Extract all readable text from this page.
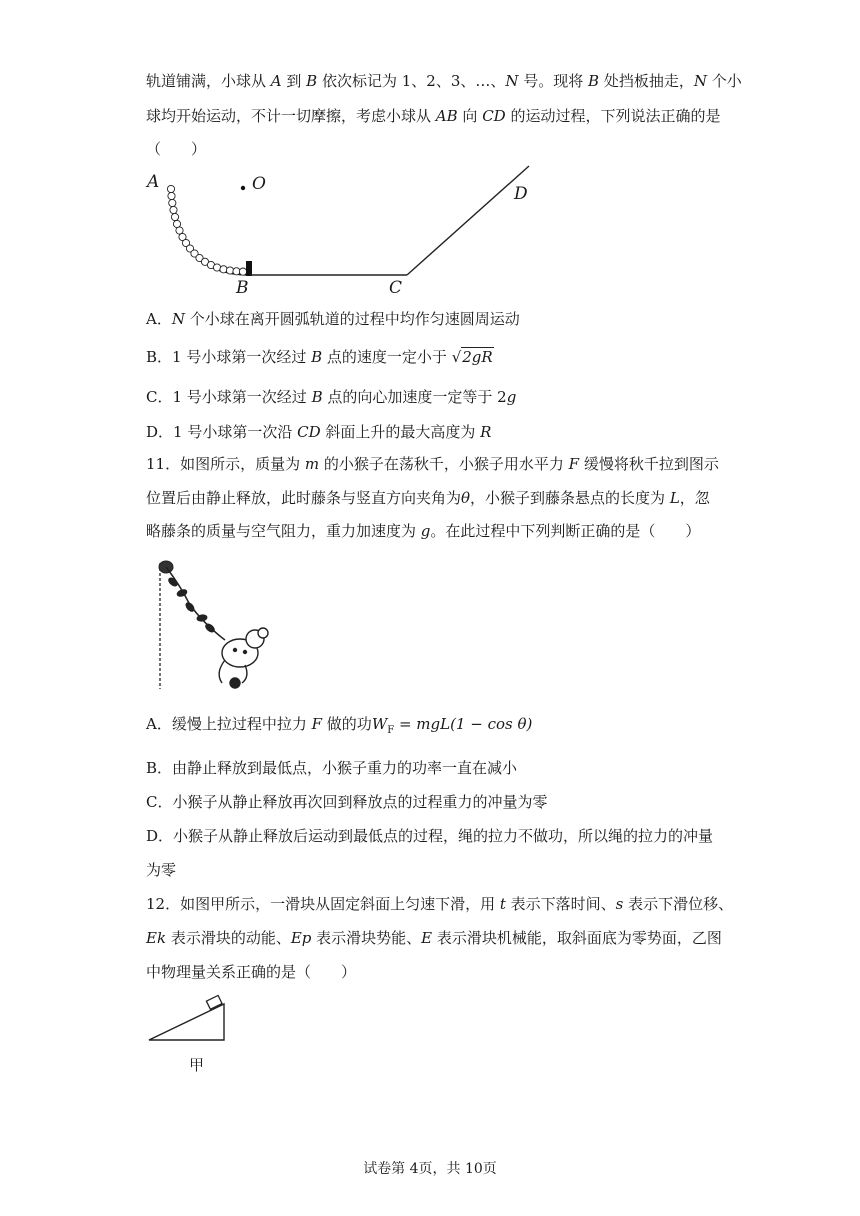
轨道铺满，小球从 A 到 B 依次标记为 1、2、3、…、N 号。现将 B 处挡板抽走，N 个小
球均开始运动，不计一切摩擦，考虑小球从 AB 向 CD 的运动过程，下列说法正确的是
（　　）
A	O	D
B	C
A．N 个小球在离开圆弧轨道的过程中均作匀速圆周运动
B．1 号小球第一次经过 B 点的速度一定小于 √2gR
C．1 号小球第一次经过 B 点的向心加速度一定等于 2g
D．1 号小球第一次沿 CD 斜面上升的最大高度为 R
11．如图所示，质量为 m 的小猴子在荡秋千，小猴子用水平力 F 缓慢将秋千拉到图示
位置后由静止释放，此时藤条与竖直方向夹角为θ，小猴子到藤条悬点的长度为 L，忽
略藤条的质量与空气阻力，重力加速度为 g。在此过程中下列判断正确的是（　　）
A．缓慢上拉过程中拉力 F 做的功$W_F = mgL(1 - \cos \theta)$
B．由静止释放到最低点，小猴子重力的功率一直在减小
C．小猴子从静止释放再次回到释放点的过程重力的冲量为零
D．小猴子从静止释放后运动到最低点的过程，绳的拉力不做功，所以绳的拉力的冲量
为零
12．如图甲所示，一滑块从固定斜面上匀速下滑，用 t 表示下落时间、s 表示下滑位移、
Ek 表示滑块的动能、Ep 表示滑块势能、E 表示滑块机械能，取斜面底为零势面，乙图
中物理量关系正确的是（　　）
甲
试卷第 4页，共 10页
